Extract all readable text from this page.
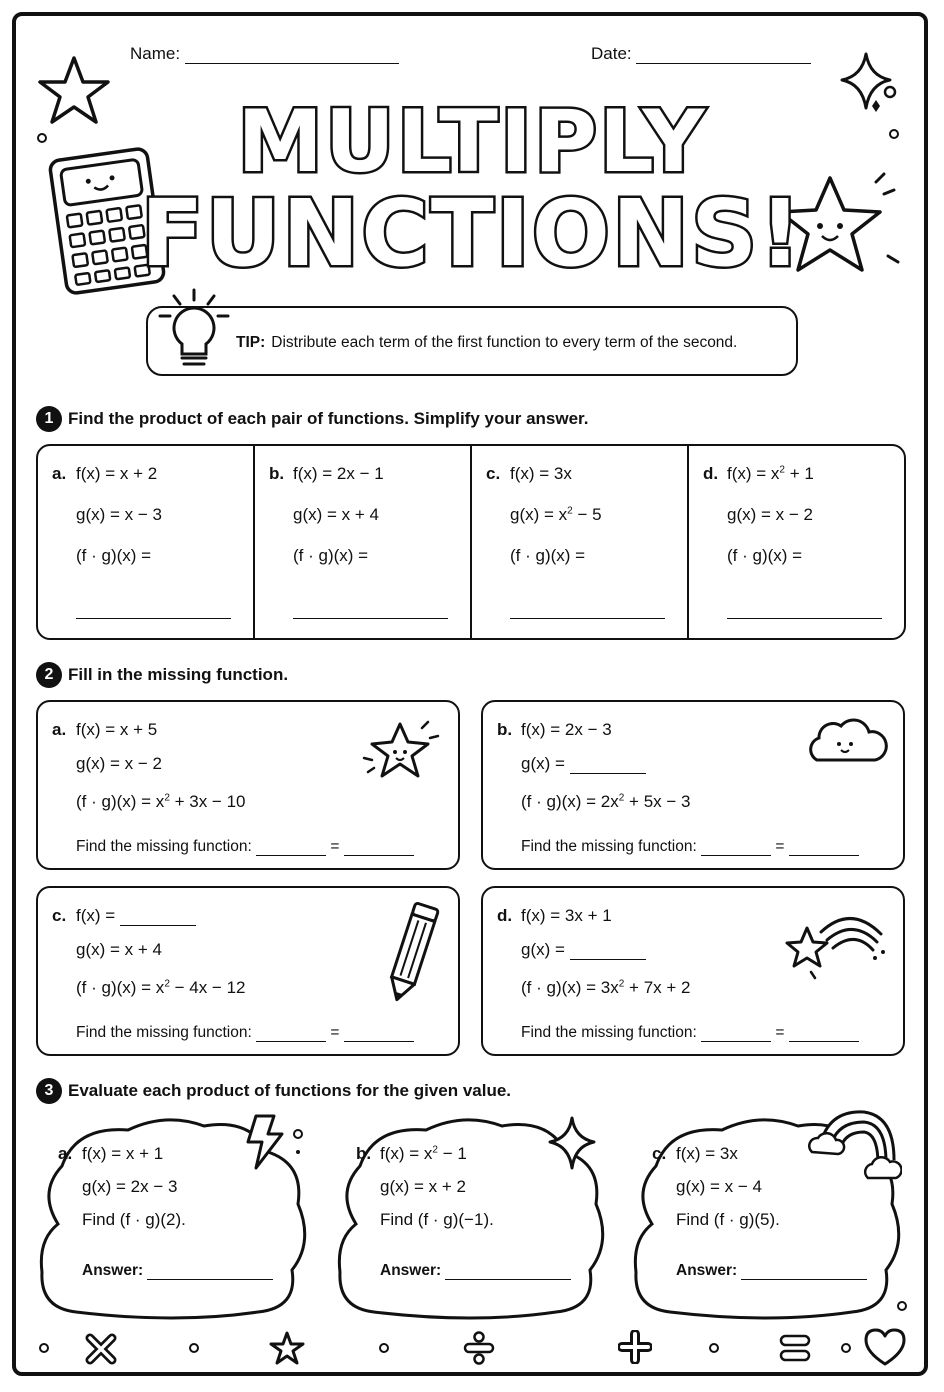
Name:	Date:
MULTIPLY
FUNCTIONS!
TIP: Distribute each term of the first function to every term of the second.
1 Find the product of each pair of functions. Simplify your answer.
a. f(x) = x + 2
g(x) = x − 3
(f · g)(x) =
b. f(x) = 2x − 1
g(x) = x + 4
(f · g)(x) =
c. f(x) = 3x
$g(x) = x^2 - 5$
(f · g)(x) =
d. $f(x) = x^2 + 1$
g(x) = x − 2
(f · g)(x) =
2 Fill in the missing function.
a. f(x) = x + 5
g(x) = x − 2
$(f \cdot g)(x) = x^2 + 3x - 10$
Find the missing function:	=
b. f(x) = 2x − 3
g(x) =
$(f \cdot g)(x) = 2x^2 + 5x - 3$
Find the missing function:	=
c. f(x) =
g(x) = x + 4
$(f \cdot g)(x) = x^2 - 4x - 12$
Find the missing function:	=
d. f(x) = 3x + 1
g(x) =
$(f \cdot g)(x) = 3x^2 + 7x + 2$
Find the missing function:	=
3 Evaluate each product of functions for the given value.
a. f(x) = x + 1
g(x) = 2x − 3
Find (f · g)(2).
Answer:
b. $f(x) = x^2 - 1$
g(x) = x + 2
Find (f · g)(−1).
Answer:
c. f(x) = 3x
g(x) = x − 4
Find (f · g)(5).
Answer:
